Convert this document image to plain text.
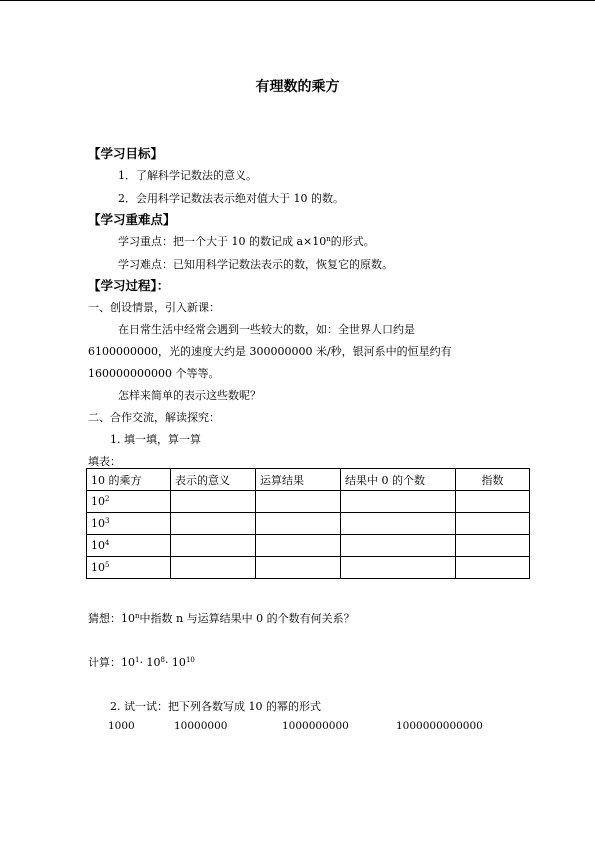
有理数的乘方
【学习目标】
1．了解科学记数法的意义。
2．会用科学记数法表示绝对值大于 10 的数。
【学习重难点】
学习重点：把一个大于 10 的数记成 $a\times 10^n$的形式。
学习难点：已知用科学记数法表示的数，恢复它的原数。
【学习过程】：
一、创设情景，引入新课：
在日常生活中经常会遇到一些较大的数，如：全世界人口约是
6100000000，光的速度大约是 300000000 米/秒，银河系中的恒星约有
160000000000 个等等。
怎样来简单的表示这些数呢？
二、合作交流，解读探究：
1. 填一填，算一算
填表：
10 的乘方	表示的意义	运算结果	结果中 0 的个数	指数
$10^2$				
$10^3$				
$10^4$				
$10^5$				
猜想：10$^n$中指数 n 与运算结果中 0 的个数有何关系？
计算：$10^1\cdot 10^8\cdot 10^{10}$
2. 试一试：把下列各数写成 10 的幂的形式
1000	10000000	1000000000	1000000000000
